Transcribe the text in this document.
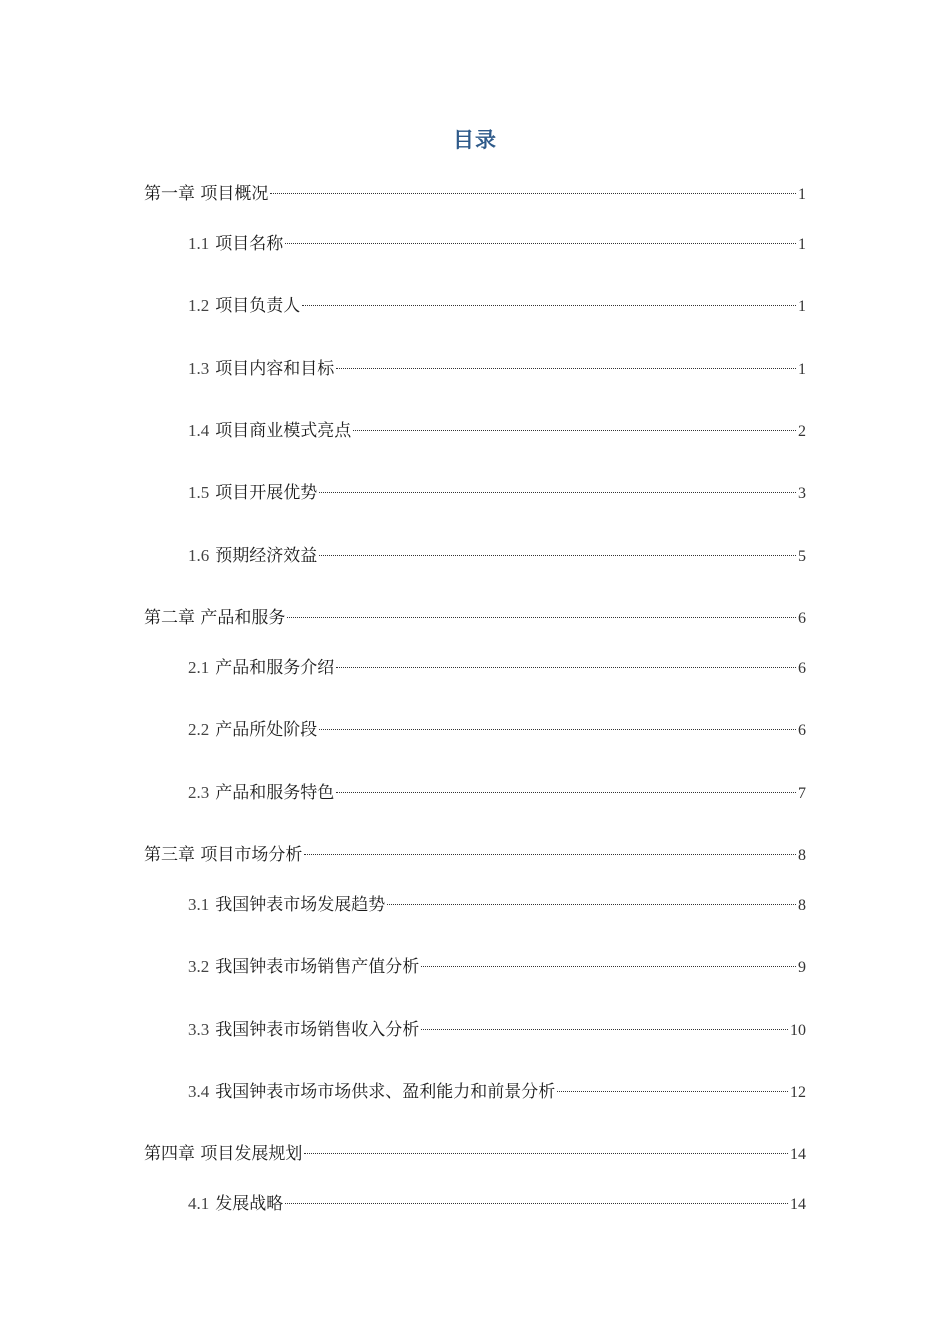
目录
第一章 项目概况	1
1.1 项目名称	1
1.2 项目负责人	1
1.3 项目内容和目标	1
1.4 项目商业模式亮点	2
1.5 项目开展优势	3
1.6 预期经济效益	5
第二章 产品和服务	6
2.1 产品和服务介绍	6
2.2 产品所处阶段	6
2.3 产品和服务特色	7
第三章 项目市场分析	8
3.1 我国钟表市场发展趋势	8
3.2 我国钟表市场销售产值分析	9
3.3 我国钟表市场销售收入分析	10
3.4 我国钟表市场市场供求、盈利能力和前景分析	12
第四章 项目发展规划	14
4.1 发展战略	14
